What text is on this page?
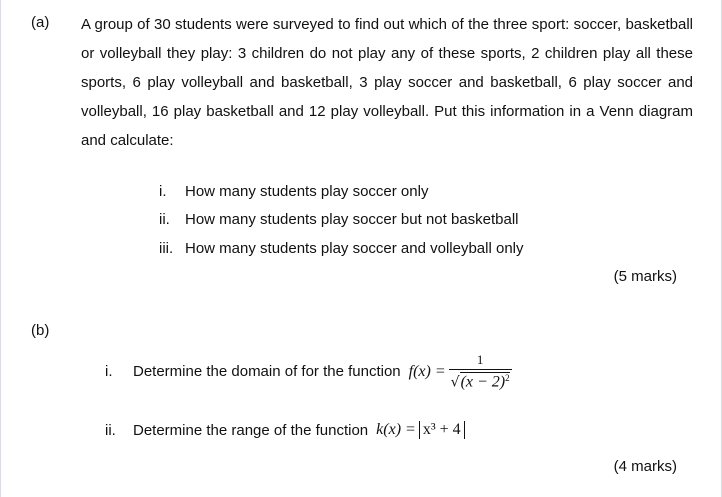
(a) A group of 30 students were surveyed to find out which of the three sport: soccer, basketball or volleyball they play: 3 children do not play any of these sports, 2 children play all these sports, 6 play volleyball and basketball, 3 play soccer and basketball, 6 play soccer and volleyball, 16 play basketball and 12 play volleyball. Put this information in a Venn diagram and calculate:
i. How many students play soccer only
ii. How many students play soccer but not basketball
iii. How many students play soccer and volleyball only
(5 marks)
(b)
i.	Determine the domain of for the function $f(x) = \frac{1}{√(x - 2)^2}$
ii.	Determine the range of the function k(x) = x³ + 4
(4 marks)
